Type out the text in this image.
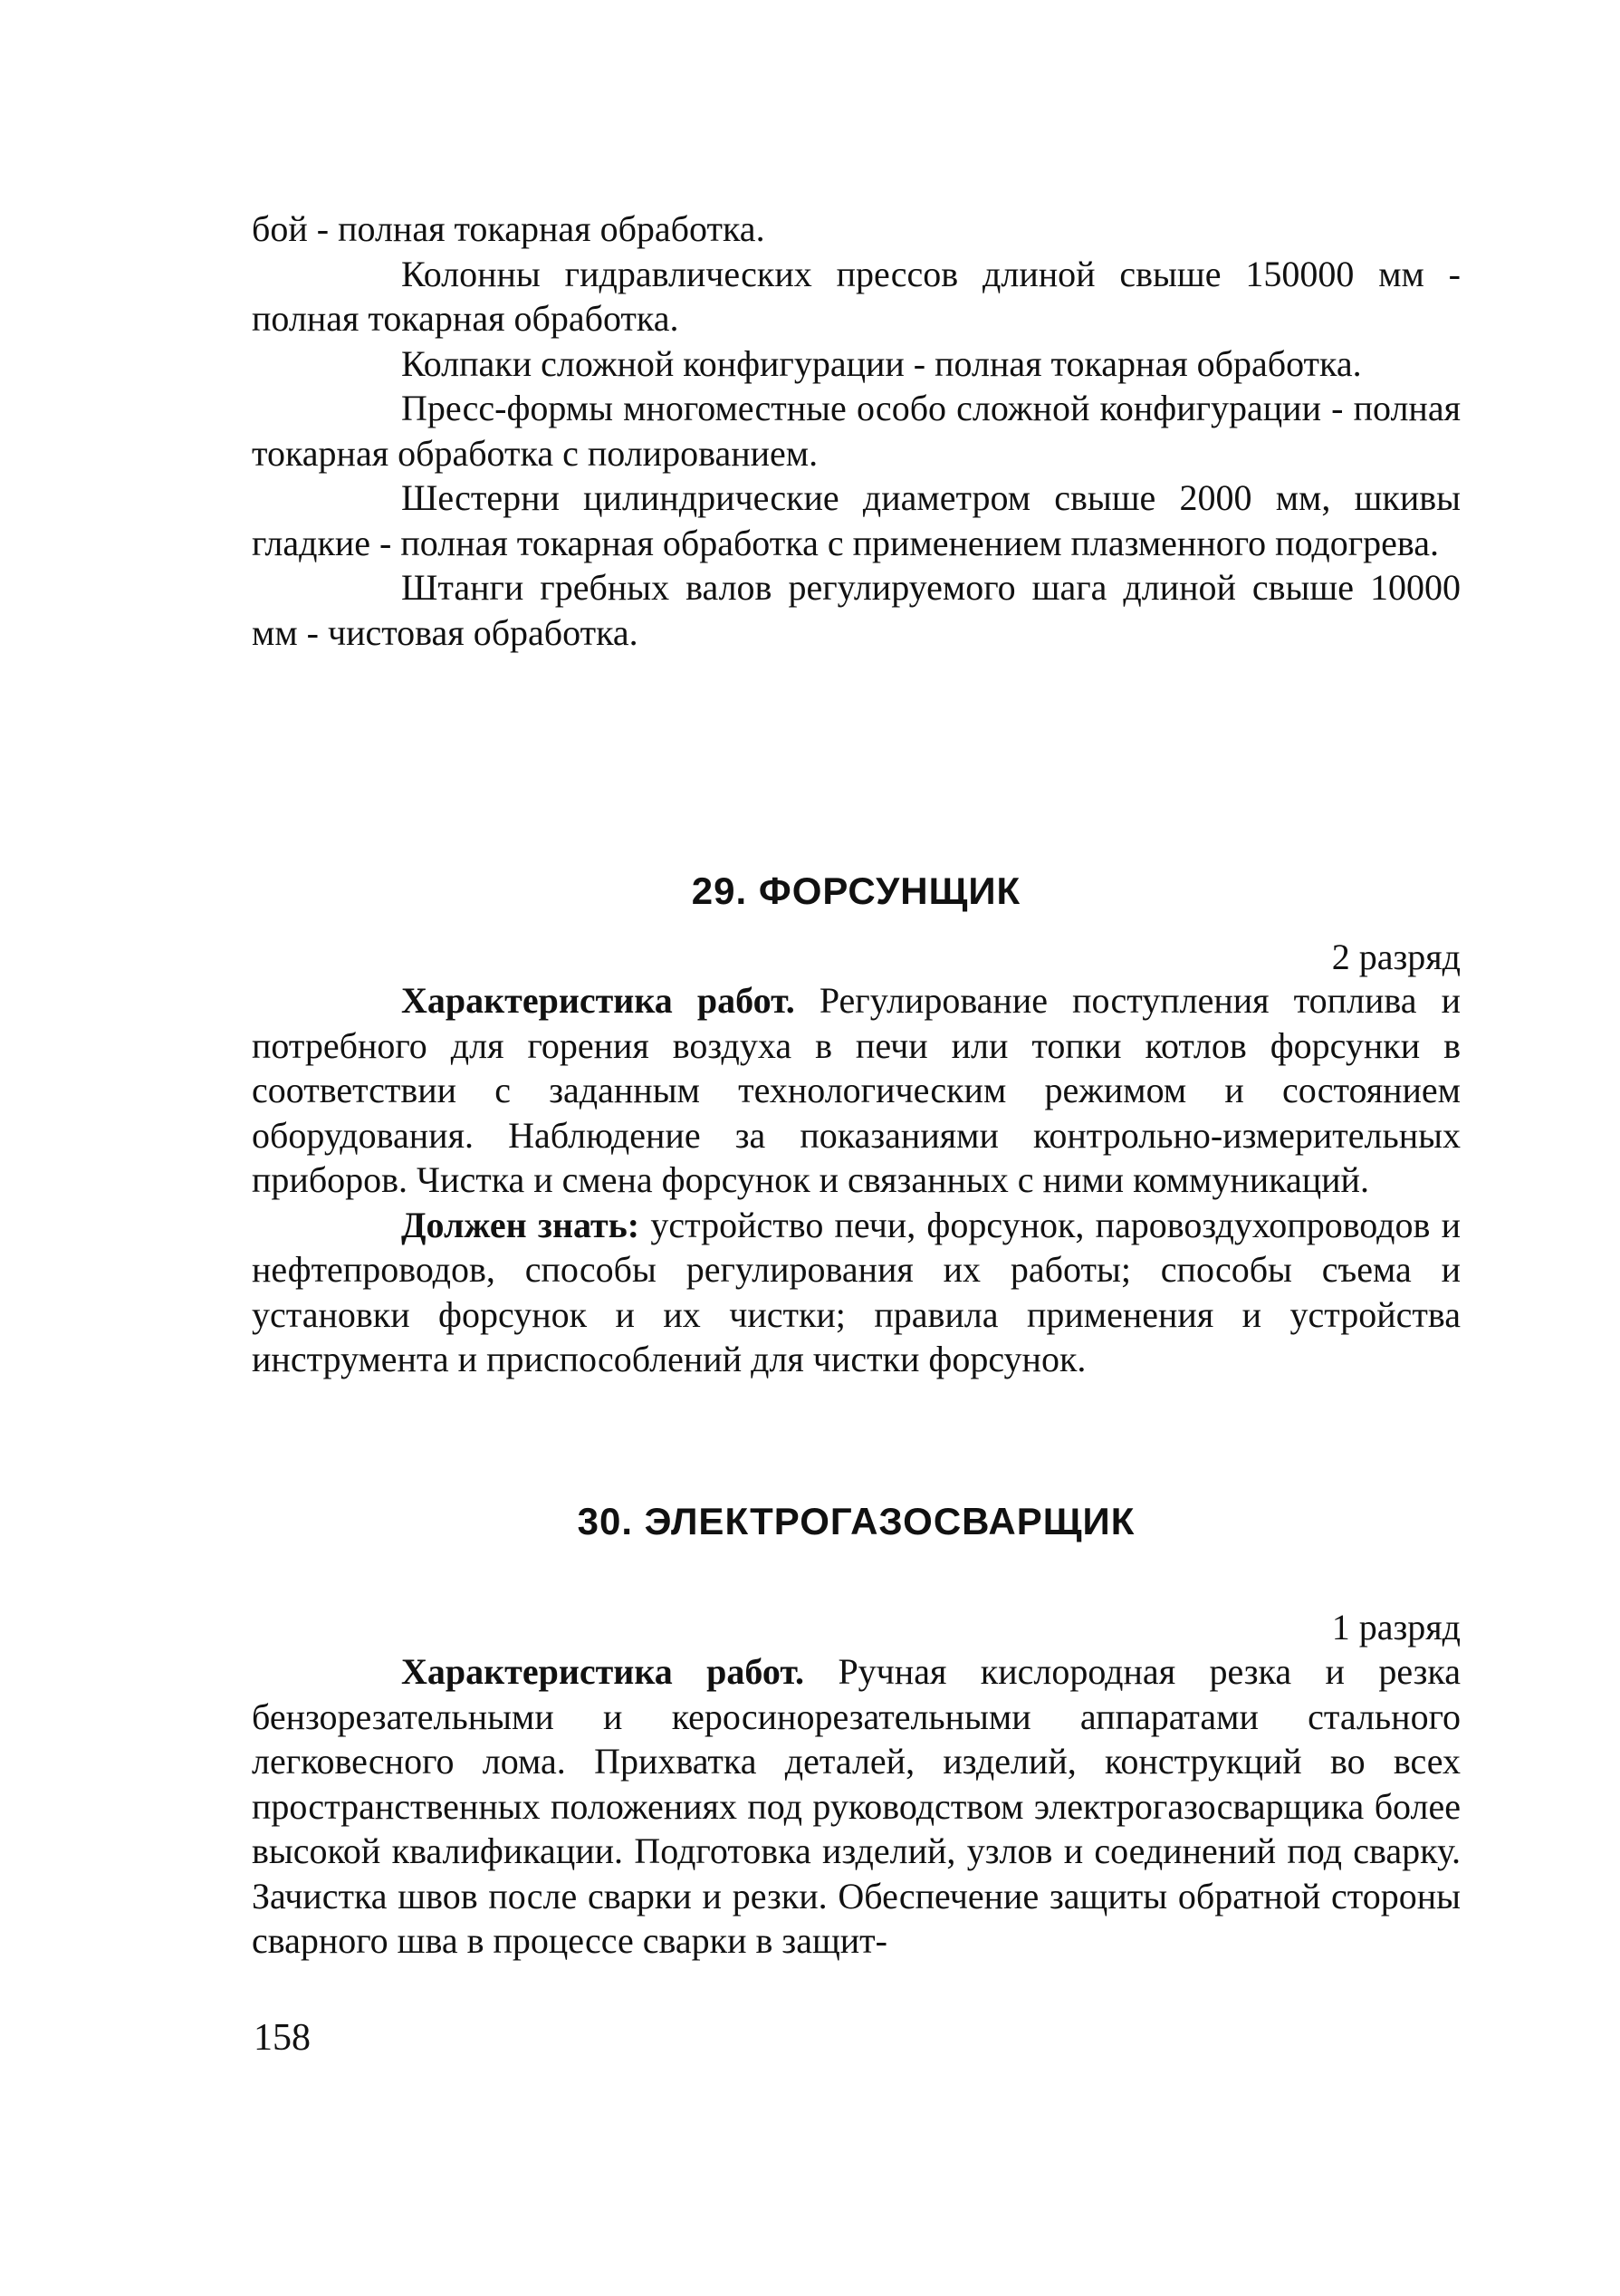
бой - полная токарная обработка.

Колонны гидравлических прессов длиной свыше 150000 мм - полная токарная обработка.

Колпаки сложной конфигурации - полная токарная обработка.

Пресс-формы многоместные особо сложной конфигурации - полная токарная обработка с полированием.

Шестерни цилиндрические диаметром свыше 2000 мм, шкивы гладкие - полная токарная обработка с применением плазменного подогрева.

Штанги гребных валов регулируемого шага длиной свыше 10000 мм - чистовая обработка.

29. ФОРСУНЩИК
2 разряд

Характеристика работ. Регулирование поступления топлива и потребного для горения воздуха в печи или топки котлов форсунки в соответствии с заданным технологическим режимом и состоянием оборудования. Наблюдение за показаниями контрольно-измерительных приборов. Чистка и смена форсунок и связанных с ними коммуникаций.

Должен знать: устройство печи, форсунок, паровоздухопроводов и нефтепроводов, способы регулирования их работы; способы съема и установки форсунок и их чистки; правила применения и устройства инструмента и приспособлений для чистки форсунок.

30. ЭЛЕКТРОГАЗОСВАРЩИК
1 разряд

Характеристика работ. Ручная кислородная резка и резка бензорезательными и керосинорезательными аппаратами стального легковесного лома. Прихватка деталей, изделий, конструкций во всех пространственных положениях под руководством электрогазосварщика более высокой квалификации. Подготовка изделий, узлов и соединений под сварку. Зачистка швов после сварки и резки. Обеспечение защиты обратной стороны сварного шва в процессе сварки в защит-

158
